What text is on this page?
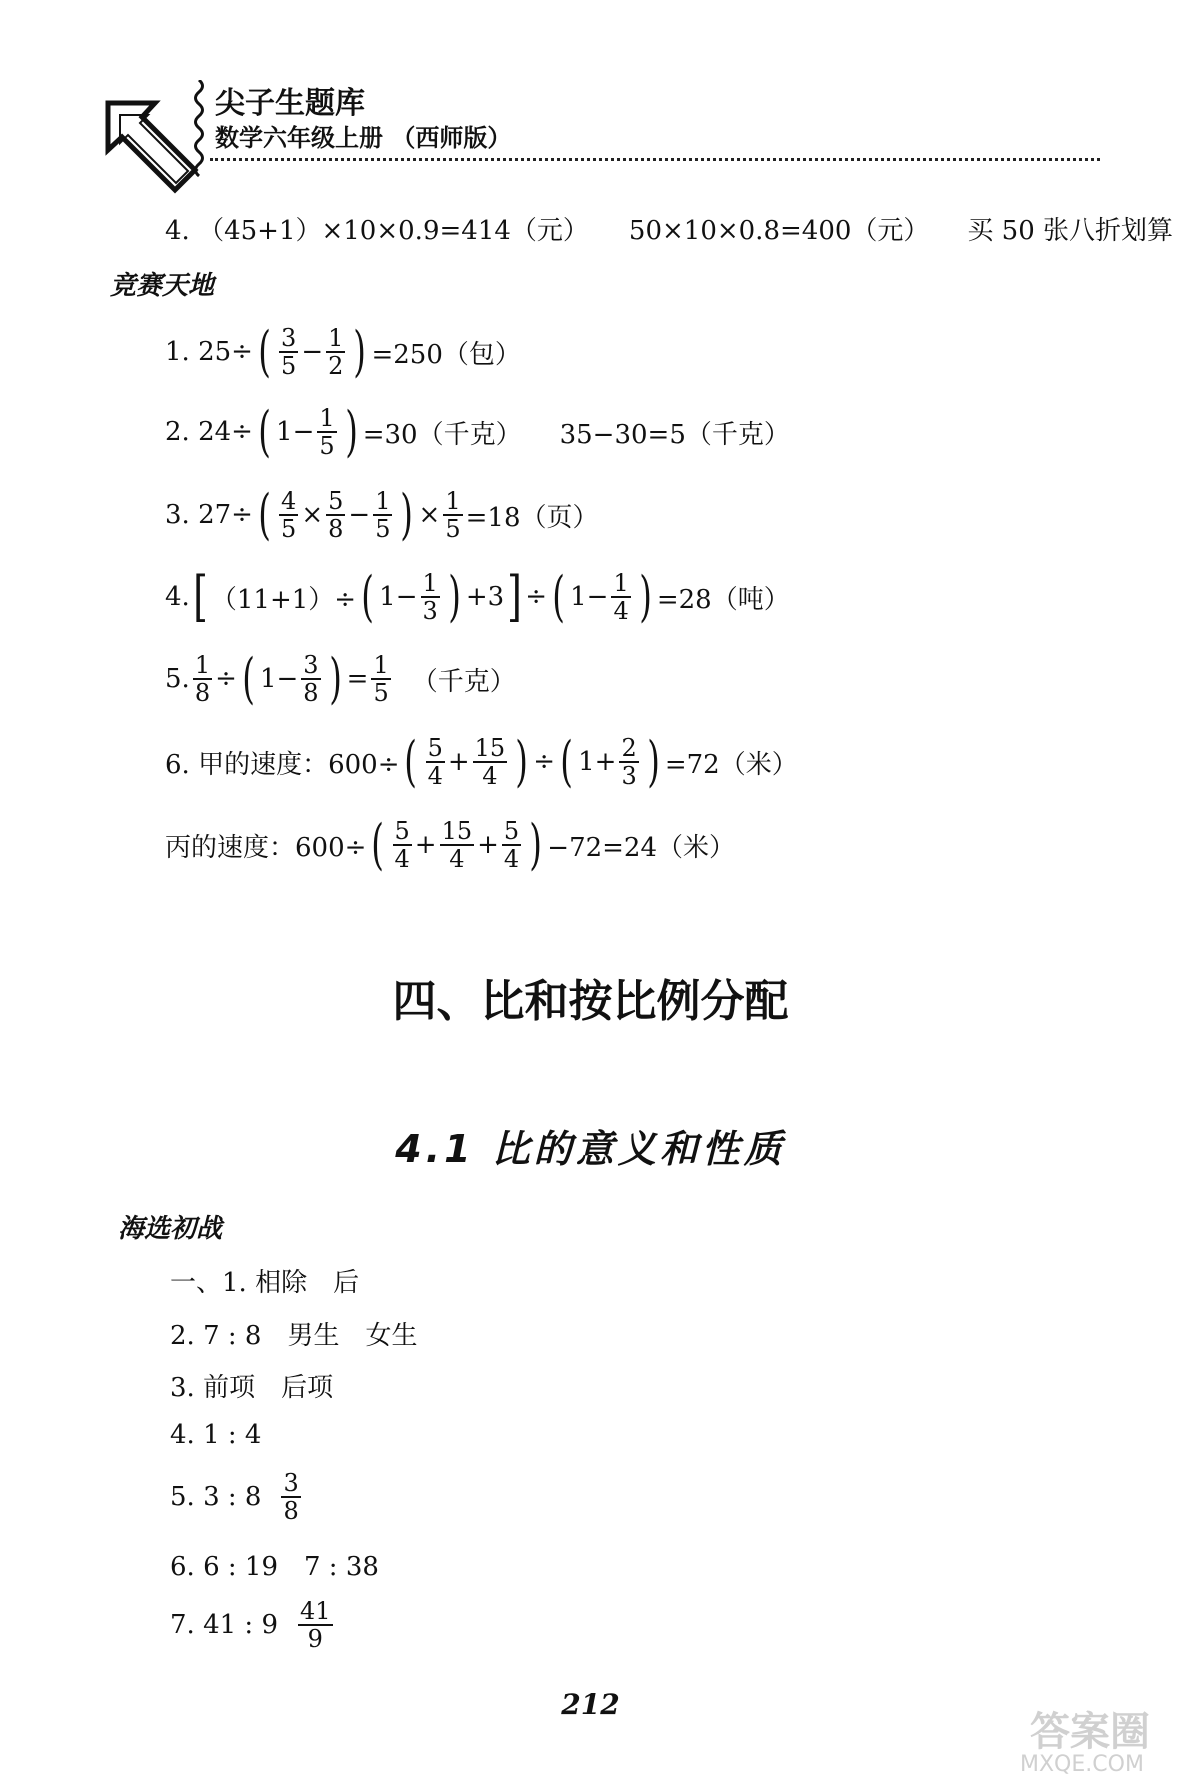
尖子生题库
数学六年级上册 （西师版）
4. （45+1）×10×0.9=414（元） 50×10×0.8=400（元） 买 50 张八折划算
竞赛天地
1. 25÷ ( $\frac{3}{5} - \frac{1}{2}$ ) =250（包）
2. 24÷ ( $1- \frac{1}{5}$ ) =30（千克） 35−30=5（千克）
3. 27÷ ( $\frac{4}{5} \times \frac{5}{8} - \frac{1}{5}$ ) × $\frac{1}{5} =18$（页）
4. [ （11+1）÷ ( $1- \frac{1}{3}$ ) +3 ] ÷ ( $1- \frac{1}{4}$ ) =28（吨）
5. $\frac{1}{8}$ ÷ ( $1- \frac{3}{8}$ ) = $\frac{1}{5}$ （千克）
6. 甲的速度：600÷ ( $\frac{5}{4} + \frac{15}{4}$ ) ÷ ( $1+ \frac{2}{3}$ ) =72（米）
丙的速度：600÷ ( $\frac{5}{4} + \frac{15}{4} + \frac{5}{4}$ ) −72=24（米）
四、比和按比例分配
4.1 比的意义和性质
海选初战
一、1. 相除　后
2. 7 : 8　男生　女生
3. 前项　后项
4. 1 : 4
5. 3 : $8 \frac{3}{8}$
6. 6 : 19　7 : 38
7. 41 : $9 \frac{41}{9}$
212
答案圈
MXQE.COM
